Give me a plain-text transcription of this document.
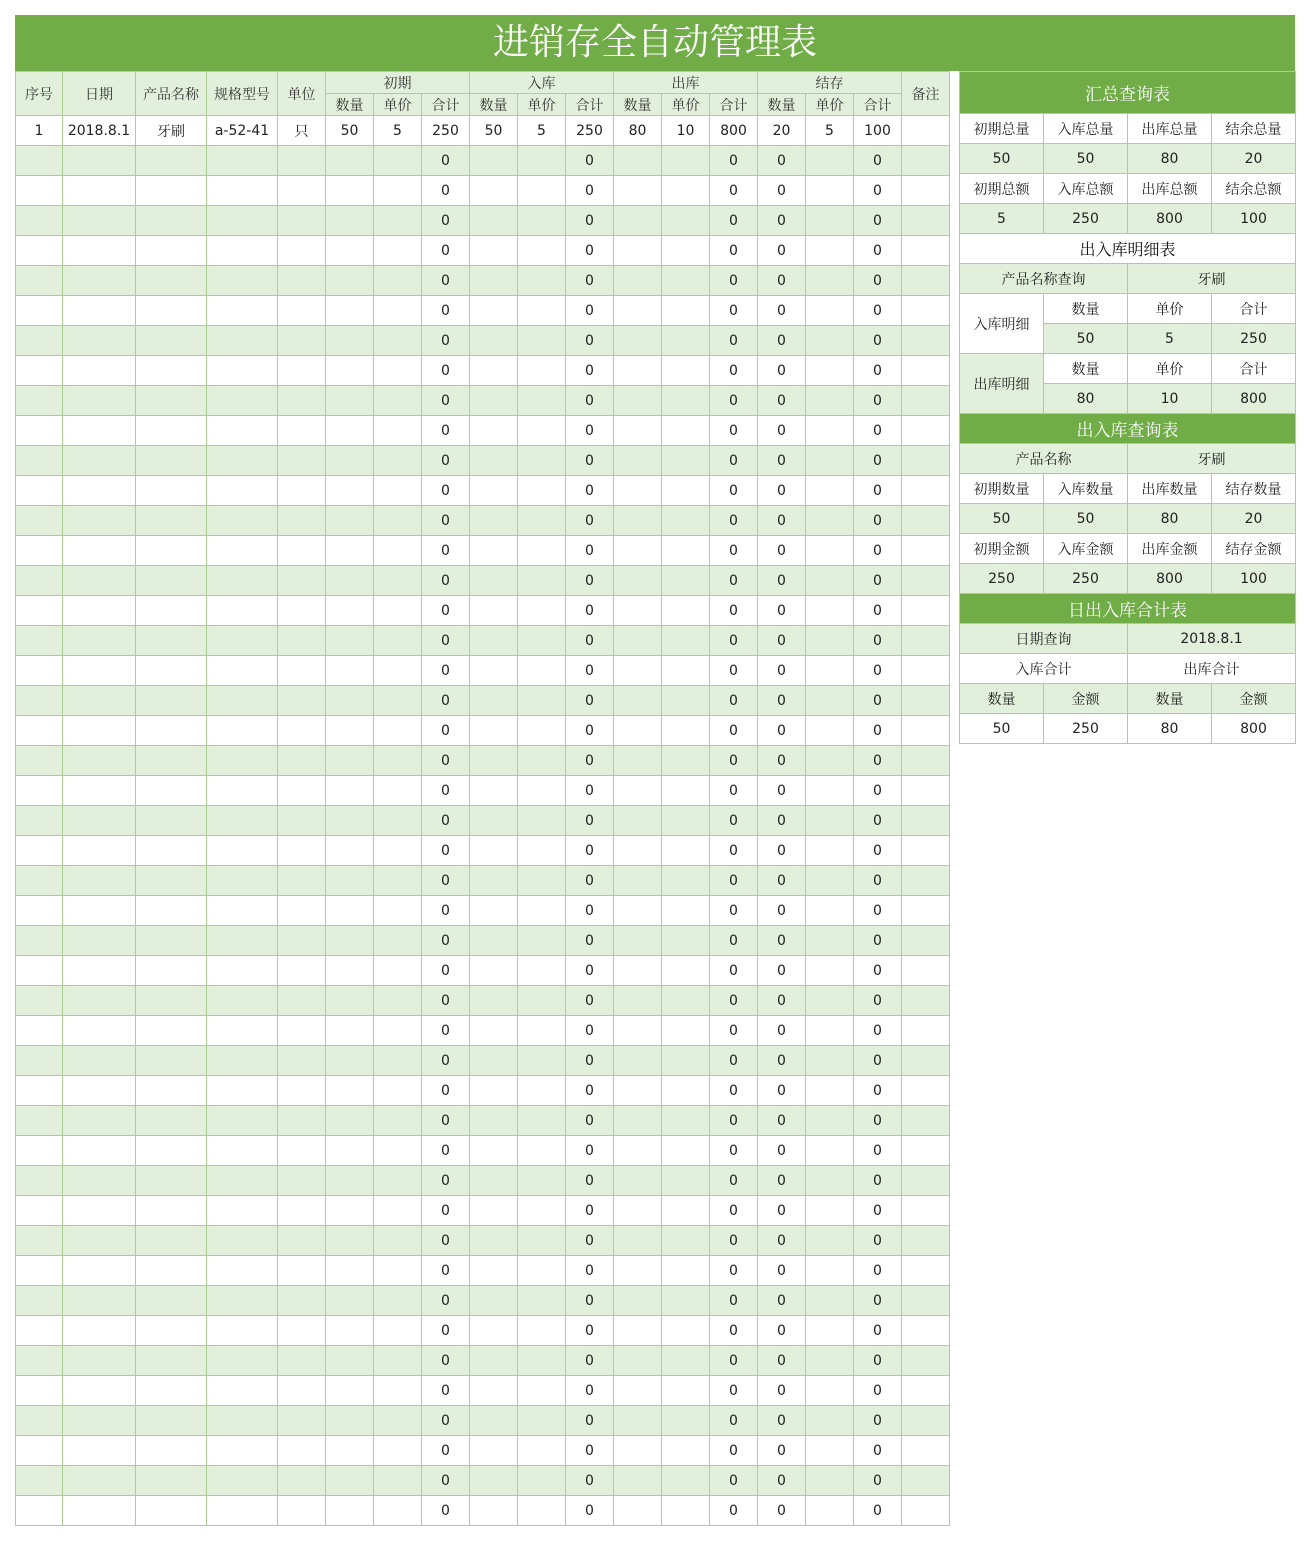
进销存全自动管理表
序号	日期	产品名称	规格型号	单位	初期			入库			出库			结存			备注
					数量	单价	合计	数量	单价	合计	数量	单价	合计	数量	单价	合计	
1	2018.8.1	牙刷	a-52-41	只	50	5	250	50	5	250	80	10	800	20	5	100	
							0			0			0	0		0	
							0			0			0	0		0	
							0			0			0	0		0	
							0			0			0	0		0	
							0			0			0	0		0	
							0			0			0	0		0	
							0			0			0	0		0	
							0			0			0	0		0	
							0			0			0	0		0	
							0			0			0	0		0	
							0			0			0	0		0	
							0			0			0	0		0	
							0			0			0	0		0	
							0			0			0	0		0	
							0			0			0	0		0	
							0			0			0	0		0	
							0			0			0	0		0	
							0			0			0	0		0	
							0			0			0	0		0	
							0			0			0	0		0	
							0			0			0	0		0	
							0			0			0	0		0	
							0			0			0	0		0	
							0			0			0	0		0	
							0			0			0	0		0	
							0			0			0	0		0	
							0			0			0	0		0	
							0			0			0	0		0	
							0			0			0	0		0	
							0			0			0	0		0	
							0			0			0	0		0	
							0			0			0	0		0	
							0			0			0	0		0	
							0			0			0	0		0	
							0			0			0	0		0	
							0			0			0	0		0	
							0			0			0	0		0	
							0			0			0	0		0	
							0			0			0	0		0	
							0			0			0	0		0	
							0			0			0	0		0	
							0			0			0	0		0	
							0			0			0	0		0	
							0			0			0	0		0	
							0			0			0	0		0	
							0			0			0	0		0	
汇总查询表			
初期总量	入库总量	出库总量	结余总量
50	50	80	20
初期总额	入库总额	出库总额	结余总额
5	250	800	100
出入库明细表			
产品名称查询		牙刷	
入库明细	数量	单价	合计
	50	5	250
出库明细	数量	单价	合计
	80	10	800
出入库查询表			
产品名称		牙刷	
初期数量	入库数量	出库数量	结存数量
50	50	80	20
初期金额	入库金额	出库金额	结存金额
250	250	800	100
日出入库合计表			
日期查询		2018.8.1	
入库合计		出库合计	
数量	金额	数量	金额
50	250	80	800
